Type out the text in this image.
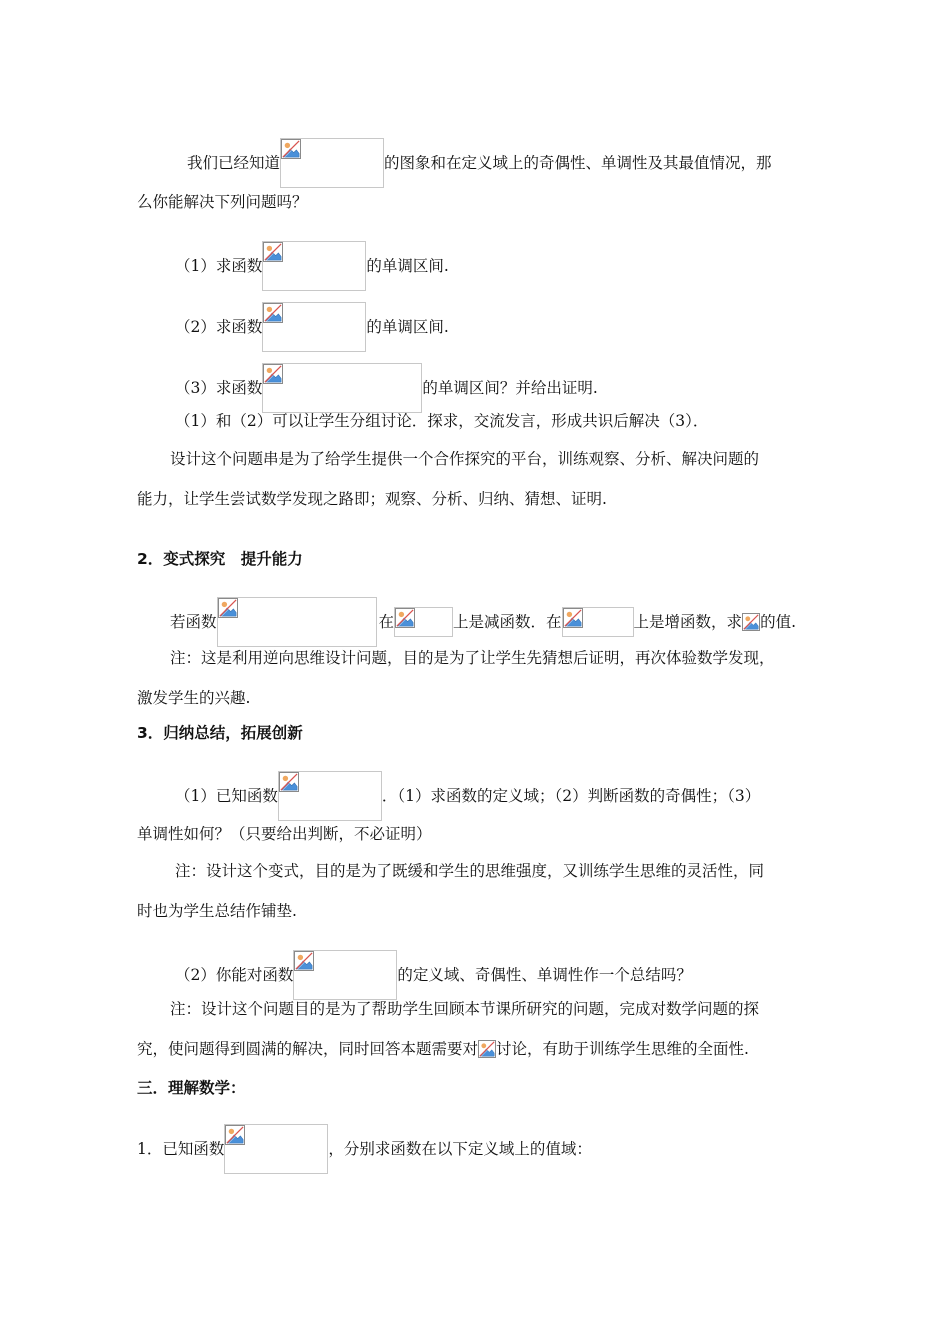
我们已经知道	的图象和在定义域上的奇偶性、单调性及其最值情况，那
么你能解决下列问题吗？
（1）求函数	的单调区间.
（2）求函数	的单调区间.
（3）求函数	的单调区间？并给出证明.
（1）和（2）可以让学生分组讨论．探求，交流发言，形成共识后解决（3）．
设计这个问题串是为了给学生提供一个合作探究的平台，训练观察、分析、解决问题的
能力，让学生尝试数学发现之路即；观察、分析、归纳、猜想、证明.
2．变式探究　提升能力
若函数	在	上是减函数．在	上是增函数，求 的值.
注：这是利用逆向思维设计问题，目的是为了让学生先猜想后证明，再次体验数学发现，
激发学生的兴趣.
3．归纳总结，拓展创新
（1）已知函数	．（1）求函数的定义域；（2）判断函数的奇偶性；（3）
单调性如何？（只要给出判断，不必证明）
注：设计这个变式，目的是为了既缓和学生的思维强度，又训练学生思维的灵活性，同
时也为学生总结作铺垫.
（2）你能对函数	的定义域、奇偶性、单调性作一个总结吗？
注：设计这个问题目的是为了帮助学生回顾本节课所研究的问题，完成对数学问题的探
究，使问题得到圆满的解决，同时回答本题需要对 讨论，有助于训练学生思维的全面性.
三．理解数学：
1．已知函数	，分别求函数在以下定义域上的值域：
